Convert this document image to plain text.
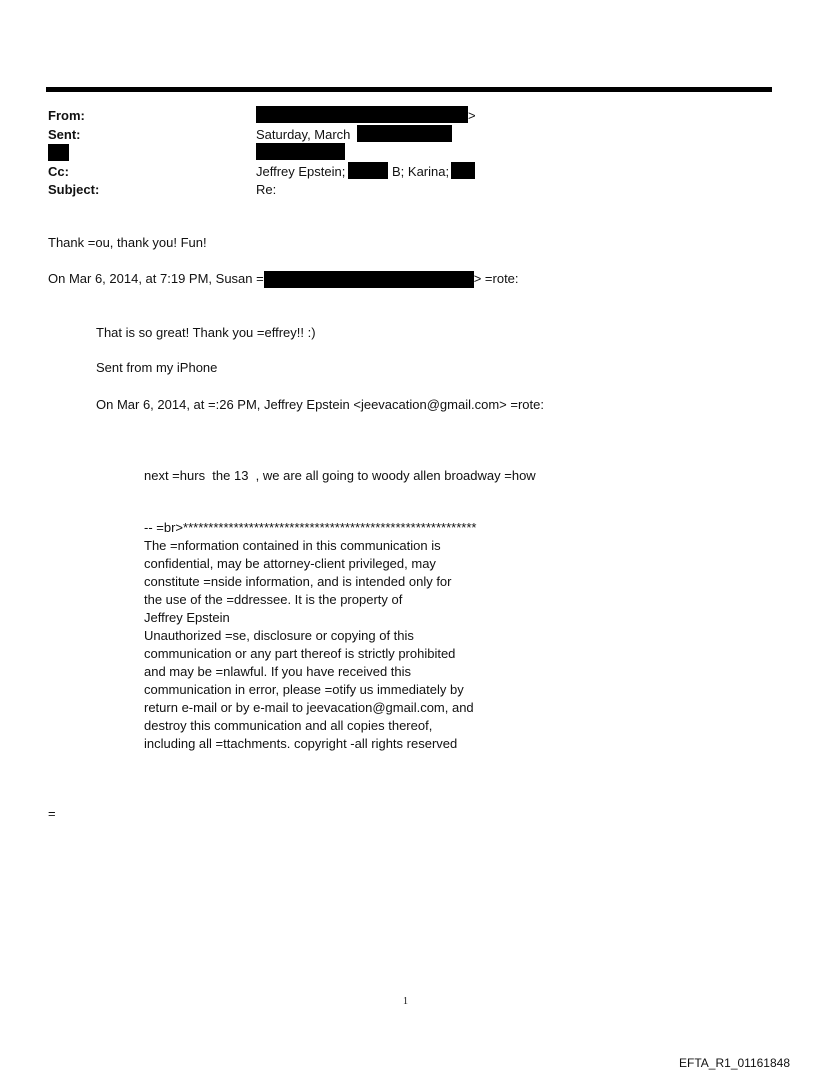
From:	>
Sent:	Saturday, March
Cc:	Jeffrey Epstein;	B; Karina;
Subject:	Re:
Thank =ou, thank you! Fun!
On Mar 6, 2014, at 7:19 PM, Susan =	> =rote:
That is so great! Thank you =effrey!! :)
Sent from my iPhone
On Mar 6, 2014, at =:26 PM, Jeffrey Epstein <jeevacation@gmail.com> =rote:
next =hurs  the 13  , we are all going to woody allen broadway =how
-- =br>**********************************************************
The =nformation contained in this communication is
confidential, may be attorney-client privileged, may
constitute =nside information, and is intended only for
the use of the =ddressee. It is the property of
Jeffrey Epstein
Unauthorized =se, disclosure or copying of this
communication or any part thereof is strictly prohibited
and may be =nlawful. If you have received this
communication in error, please =otify us immediately by
return e-mail or by e-mail to jeevacation@gmail.com, and
destroy this communication and all copies thereof,
including all =ttachments. copyright -all rights reserved
=
1
EFTA_R1_01161848
